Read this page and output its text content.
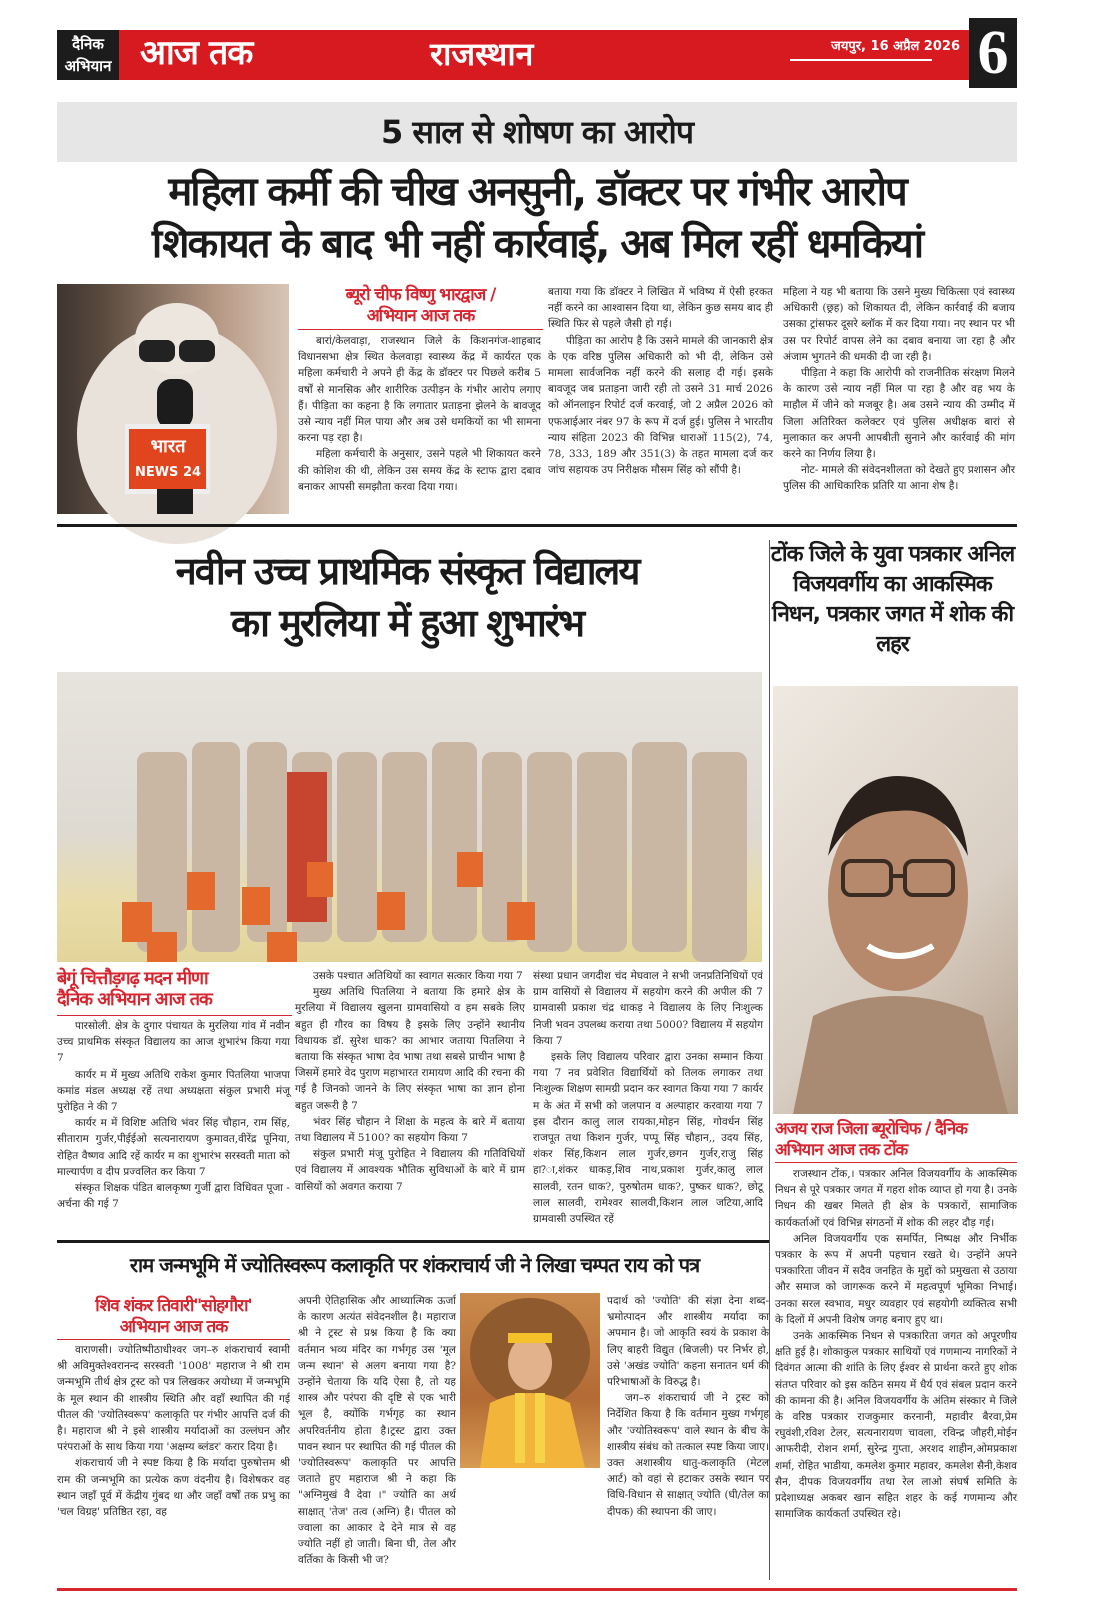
दैनिक
अभियान आज तक	राजस्थान	जयपुर, 16 अप्रैल 2026 6
5 साल से शोषण का आरोप
महिला कर्मी की चीख अनसुनी, डॉक्टर पर गंभीर आरोप
शिकायत के बाद भी नहीं कार्रवाई, अब मिल रहीं धमकियां
भारत
NEWS 24
ब्यूरो चीफ विष्णु भारद्वाज /
अभियान आज तक

बारां/केलवाड़ा, राजस्थान जिले के किशनगंज-शाहबाद विधानसभा क्षेत्र स्थित केलवाड़ा स्वास्थ्य केंद्र में कार्यरत एक महिला कर्मचारी ने अपने ही केंद्र के डॉक्टर पर पिछले करीब 5 वर्षों से मानसिक और शारीरिक उत्पीड़न के गंभीर आरोप लगाए हैं। पीड़िता का कहना है कि लगातार प्रताड़ना झेलने के बावजूद उसे न्याय नहीं मिल पाया और अब उसे धमकियों का भी सामना करना पड़ रहा है।

महिला कर्मचारी के अनुसार, उसने पहले भी शिकायत करने की कोशिश की थी, लेकिन उस समय केंद्र के स्टाफ द्वारा दबाव बनाकर आपसी समझौता करवा दिया गया।

बताया गया कि डॉक्टर ने लिखित में भविष्य में ऐसी हरकत नहीं करने का आश्वासन दिया था, लेकिन कुछ समय बाद ही स्थिति फिर से पहले जैसी हो गई।

पीड़िता का आरोप है कि उसने मामले की जानकारी क्षेत्र के एक वरिष्ठ पुलिस अधिकारी को भी दी, लेकिन उसे मामला सार्वजनिक नहीं करने की सलाह दी गई। इसके बावजूद जब प्रताड़ना जारी रही तो उसने 31 मार्च 2026 को ऑनलाइन रिपोर्ट दर्ज करवाई, जो 2 अप्रैल 2026 को एफआईआर नंबर 97 के रूप में दर्ज हुई। पुलिस ने भारतीय न्याय संहिता 2023 की विभिन्न धाराओं 115(2), 74, 78, 333, 189 और 351(3) के तहत मामला दर्ज कर जांच सहायक उप निरीक्षक मौसम सिंह को सौंपी है।

महिला ने यह भी बताया कि उसने मुख्य चिकित्सा एवं स्वास्थ्य अधिकारी (छ्रह) को शिकायत दी, लेकिन कार्रवाई की बजाय उसका ट्रांसफर दूसरे ब्लॉक में कर दिया गया। नए स्थान पर भी उस पर रिपोर्ट वापस लेने का दबाव बनाया जा रहा है और अंजाम भुगतने की धमकी दी जा रही है।

पीड़िता ने कहा कि आरोपी को राजनीतिक संरक्षण मिलने के कारण उसे न्याय नहीं मिल पा रहा है और वह भय के माहौल में जीने को मजबूर है। अब उसने न्याय की उम्मीद में जिला अतिरिक्त कलेक्टर एवं पुलिस अधीक्षक बारां से मुलाकात कर अपनी आपबीती सुनाने और कार्रवाई की मांग करने का निर्णय लिया है।

नोट- मामले की संवेदनशीलता को देखते हुए प्रशासन और पुलिस की आधिकारिक प्रतिरि या आना शेष है।

नवीन उच्च प्राथमिक संस्कृत विद्यालय
का मुरलिया में हुआ शुभारंभ
बेगूं चित्तौड़गढ़ मदन मीणा
दैनिक अभियान आज तक

पारसोली. क्षेत्र के दुगार पंचायत के मुरलिया गांव में नवीन उच्च प्राथमिक संस्कृत विद्यालय का आज शुभारंभ किया गया 7

कार्यर म में मुख्य अतिथि राकेश कुमार पितलिया भाजपा कमांड मंडल अध्यक्ष रहें तथा अध्यक्षता संकुल प्रभारी मंजू पुरोहित ने की 7

कार्यर म में विशिष्ट अतिथि भंवर सिंह चौहान, राम सिंह, सीताराम गुर्जर,पीईईओ सत्यनारायण कुमावत,वीरेंद्र पूनिया, रोहित वैष्णव आदि रहें कार्यर म का शुभारंभ सरस्वती माता को माल्यार्पण व दीप प्रज्वलित कर किया 7

संस्कृत शिक्षक पंडित बालकृष्ण गुर्जी द्वारा विधिवत पूजा - अर्चना की गई 7

उसके पश्चात अतिथियों का स्वागत सत्कार किया गया 7

मुख्य अतिथि पितलिया ने बताया कि हमारे क्षेत्र के मुरलिया में विद्यालय खुलना ग्रामवासियो व हम सबके लिए बहुत ही गौरव का विषय है इसके लिए उन्होंने स्थानीय विधायक डॉ. सुरेश धाक? का आभार जताया पितलिया ने बताया कि संस्कृत भाषा देव भाषा तथा सबसे प्राचीन भाषा है जिसमें हमारे वेद पुराण महाभारत रामायण आदि की रचना की गई है जिनको जानने के लिए संस्कृत भाषा का ज्ञान होना बहुत जरूरी है 7

भंवर सिंह चौहान ने शिक्षा के महत्व के बारे में बताया तथा विद्यालय में 5100? का सहयोग किया 7

संकुल प्रभारी मंजू पुरोहित ने विद्यालय की गतिविधियों एवं विद्यालय में आवश्यक भौतिक सुविधाओं के बारे में ग्राम वासियों को अवगत कराया 7

संस्था प्रधान जगदीश चंद मेघवाल ने सभी जनप्रतिनिधियों एवं ग्राम वासियों से विद्यालय में सहयोग करने की अपील की 7 ग्रामवासी प्रकाश चंद्र धाकड़ ने विद्यालय के लिए निःशुल्क निजी भवन उपलब्ध कराया तथा 5000? विद्यालय में सहयोग किया 7

इसके लिए विद्यालय परिवार द्वारा उनका सम्मान किया गया 7 नव प्रवेशित विद्यार्थियों को तिलक लगाकर तथा निःशुल्क शिक्षण सामग्री प्रदान कर स्वागत किया गया 7 कार्यर म के अंत में सभी को जलपान व अल्पाहार करवाया गया 7 इस दौरान कालु लाल रायका,मोहन सिंह, गोवर्धन सिंह राजपूत तथा किशन गुर्जर, पप्पू सिंह चौहान,, उदय सिंह, शंकर सिंह,किशन लाल गुर्जर,छगन गुर्जर,राजु सिंह हा?ा,शंकर धाकड़,शिव नाथ,प्रकाश गुर्जर,कालु लाल सालवी, रतन धाक?, पुरुषोतम धाक?, पुष्कर धाक?, छोटू लाल सालवी, रामेश्वर सालवी,किशन लाल जटिया,आदि ग्रामवासी उपस्थित रहें

टोंक जिले के युवा पत्रकार अनिल विजयवर्गीय का आकस्मिक निधन, पत्रकार जगत में शोक की लहर
अजय राज जिला ब्यूरोचिफ / दैनिक
अभियान आज तक टोंक

राजस्थान टोंक,। पत्रकार अनिल विजयवर्गीय के आकस्मिक निधन से पूरे पत्रकार जगत में गहरा शोक व्याप्त हो गया है। उनके निधन की खबर मिलते ही क्षेत्र के पत्रकारों, सामाजिक कार्यकर्ताओं एवं विभिन्न संगठनों में शोक की लहर दौड़ गई।

अनिल विजयवर्गीय एक समर्पित, निष्पक्ष और निर्भीक पत्रकार के रूप में अपनी पहचान रखते थे। उन्होंने अपने पत्रकारिता जीवन में सदैव जनहित के मुद्दों को प्रमुखता से उठाया और समाज को जागरूक करने में महत्वपूर्ण भूमिका निभाई। उनका सरल स्वभाव, मधुर व्यवहार एवं सहयोगी व्यक्तित्व सभी के दिलों में अपनी विशेष जगह बनाए हुए था।

उनके आकस्मिक निधन से पत्रकारिता जगत को अपूरणीय क्षति हुई है। शोकाकुल पत्रकार साथियों एवं गणमान्य नागरिकों ने दिवंगत आत्मा की शांति के लिए ईश्वर से प्रार्थना करते हुए शोक संतप्त परिवार को इस कठिन समय में धैर्य एवं संबल प्रदान करने की कामना की है। अनिल विजयवर्गीय के अंतिम संस्कार मे जिले के वरिष्ठ पत्रकार राजकुमार करनानी, महावीर बैरवा,प्रेम रघुवंशी,रविश टेलर, सत्यनारायण चावला, रविन्द्र जौहरी,मोईन आफरीदी, रोशन शर्मा, सुरेन्द्र गुप्ता, अरशद शाहीन,ओमप्रकाश शर्मा, रोहित भाडीया, कमलेश कुमार महावर, कमलेश सैनी,केशव सैन, दीपक विजयवर्गीय तथा रेल लाओ संघर्ष समिति के प्रदेशाध्यक्ष अकबर खान सहित शहर के कई गणमान्य और सामाजिक कार्यकर्ता उपस्थित रहे।

राम जन्मभूमि में ज्योतिस्वरूप कलाकृति पर शंकराचार्य जी ने लिखा चम्पत राय को पत्र
शिव शंकर तिवारी"सोहगौरा'
अभियान आज तक

वाराणसी। ज्योतिष्पीठाधीश्वर जग–रु शंकराचार्य स्वामी श्री अविमुक्तेश्वरानन्द सरस्वती '1008' महाराज ने श्री राम जन्मभूमि तीर्थ क्षेत्र ट्रस्ट को पत्र लिखकर अयोध्या में जन्मभूमि के मूल स्थान की शास्त्रीय स्थिति और वहाँ स्थापित की गई पीतल की 'ज्योतिस्वरूप' कलाकृति पर गंभीर आपत्ति दर्ज की है। महाराज श्री ने इसे शास्त्रीय मर्यादाओं का उल्लंघन और परंपराओं के साथ किया गया 'अक्षम्य ब्लंडर' करार दिया है।

शंकराचार्य जी ने स्पष्ट किया है कि मर्यादा पुरुषोत्तम श्री राम की जन्मभूमि का प्रत्येक कण वंदनीय है। विशेषकर वह स्थान जहाँ पूर्व में केंद्रीय गुंबद था और जहाँ वर्षों तक प्रभु का 'चल विग्रह' प्रतिष्ठित रहा, वह

अपनी ऐतिहासिक और आध्यात्मिक ऊर्जा के कारण अत्यंत संवेदनशील है। महाराज श्री ने ट्रस्ट से प्रश्न किया है कि क्या वर्तमान भव्य मंदिर का गर्भगृह उस 'मूल जन्म स्थान' से अलग बनाया गया है? उन्होंने चेताया कि यदि ऐसा है, तो यह शास्त्र और परंपरा की दृष्टि से एक भारी भूल है, क्योंकि गर्भगृह का स्थान अपरिवर्तनीय होता है।ट्रस्ट द्वारा उक्त पावन स्थान पर स्थापित की गई पीतल की 'ज्योतिस्वरूप' कलाकृति पर आपत्ति जताते हुए महाराज श्री ने कहा कि "अग्निमुखं वै देवा ।" ज्योति का अर्थ साक्षात् 'तेज' तत्व (अग्नि) है। पीतल को ज्वाला का आकार दे देने मात्र से वह ज्योति नहीं हो जाती। बिना घी, तेल और वर्तिका के किसी भी ज?

पदार्थ को 'ज्योति' की संज्ञा देना शब्द-भ्रमोत्पादन और शास्त्रीय मर्यादा का अपमान है। जो आकृति स्वयं के प्रकाश के लिए बाहरी विद्युत (बिजली) पर निर्भर हो, उसे 'अखंड ज्योति' कहना सनातन धर्म की परिभाषाओं के विरुद्ध है।

जग–रु शंकराचार्य जी ने ट्रस्ट को निर्देशित किया है कि वर्तमान मुख्य गर्भगृह और 'ज्योतिस्वरूप' वाले स्थान के बीच के शास्त्रीय संबंध को तत्काल स्पष्ट किया जाए। उक्त अशास्त्रीय धातु-कलाकृति (मेटल आर्ट) को वहां से हटाकर उसके स्थान पर विधि-विधान से साक्षात् ज्योति (घी/तेल का दीपक) की स्थापना की जाए।
